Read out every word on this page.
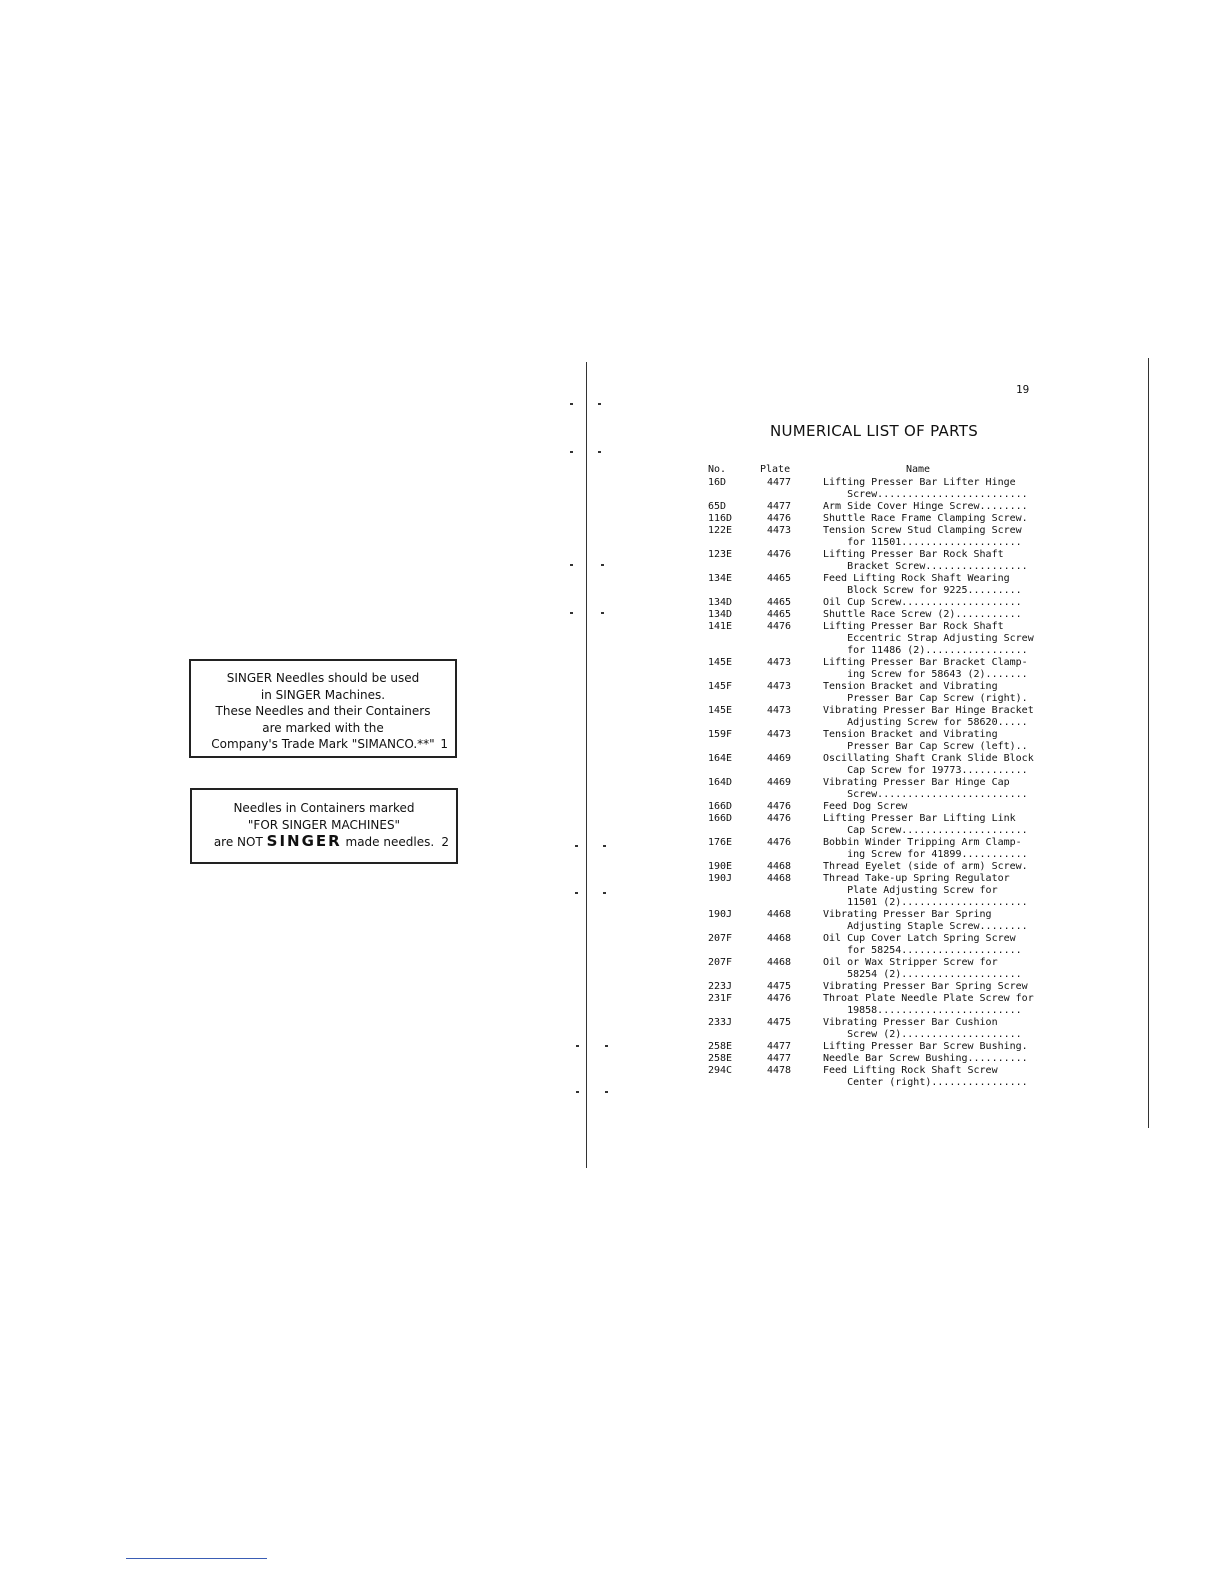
SINGER Needles should be used
in SINGER Machines.
These Needles and their Containers
are marked with the
Company's Trade Mark "SIMANCO.**" 1
Needles in Containers marked
"FOR SINGER MACHINES"
are NOT SINGER made needles. 2
19
NUMERICAL LIST OF PARTS
No.	Plate	Name
16D	4477	Lifting Presser Bar Lifter Hinge
Screw.........................
65D	4477	Arm Side Cover Hinge Screw........
116D	4476	Shuttle Race Frame Clamping Screw.
122E	4473	Tension Screw Stud Clamping Screw
for 11501....................
123E	4476	Lifting Presser Bar Rock Shaft
Bracket Screw.................
134E	4465	Feed Lifting Rock Shaft Wearing
Block Screw for 9225.........
134D	4465	Oil Cup Screw....................
134D	4465	Shuttle Race Screw (2)...........
141E	4476	Lifting Presser Bar Rock Shaft
Eccentric Strap Adjusting Screw
for 11486 (2).................
145E	4473	Lifting Presser Bar Bracket Clamp-
ing Screw for 58643 (2).......
145F	4473	Tension Bracket and Vibrating
Presser Bar Cap Screw (right).
145E	4473	Vibrating Presser Bar Hinge Bracket
Adjusting Screw for 58620.....
159F	4473	Tension Bracket and Vibrating
Presser Bar Cap Screw (left)..
164E	4469	Oscillating Shaft Crank Slide Block
Cap Screw for 19773...........
164D	4469	Vibrating Presser Bar Hinge Cap
Screw.........................
166D	4476	Feed Dog Screw
166D	4476	Lifting Presser Bar Lifting Link
Cap Screw.....................
176E	4476	Bobbin Winder Tripping Arm Clamp-
ing Screw for 41899...........
190E	4468	Thread Eyelet (side of arm) Screw.
190J	4468	Thread Take-up Spring Regulator
Plate Adjusting Screw for
11501 (2).....................
190J	4468	Vibrating Presser Bar Spring
Adjusting Staple Screw........
207F	4468	Oil Cup Cover Latch Spring Screw
for 58254....................
207F	4468	Oil or Wax Stripper Screw for
58254 (2)....................
223J	4475	Vibrating Presser Bar Spring Screw
231F	4476	Throat Plate Needle Plate Screw for
19858........................
233J	4475	Vibrating Presser Bar Cushion
Screw (2)....................
258E	4477	Lifting Presser Bar Screw Bushing.
258E	4477	Needle Bar Screw Bushing..........
294C	4478	Feed Lifting Rock Shaft Screw
Center (right)................
